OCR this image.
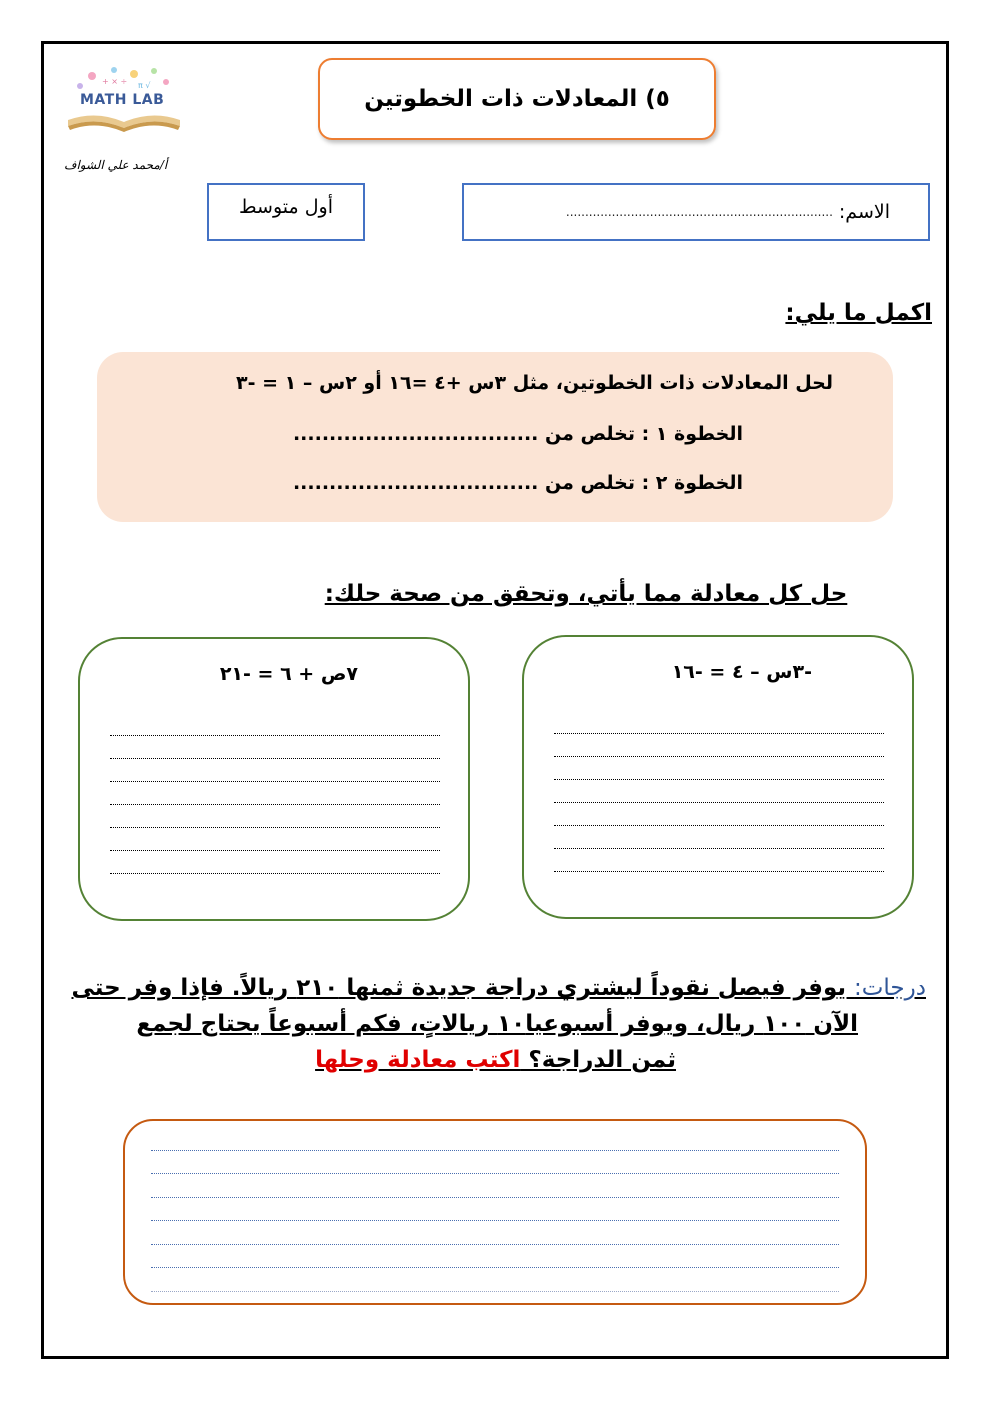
+ × ÷ π √
MATH LAB
أ/محمد علي الشواف
٥) المعادلات ذات الخطوتين
الاسم:
......................................................................
أول متوسط
اكمل ما يلي:
لحل المعادلات ذات الخطوتين، مثل ٣س +٤ =١٦ أو ٢س – ١ = -٣
الخطوة ١ : تخلص من ..................................
الخطوة ٢ : تخلص من ..................................
حل كل معادلة مما يأتي، وتحقق من صحة حلك:
-٣س – ٤ = -١٦
٧ص + ٦ = -٢١
درجات: يوفر فيصل نقوداً ليشتري دراجة جديدة ثمنها ٢١٠ ريالاً. فإذا وفر حتى
الآن ١٠٠ ريال، ويوفر أسبوعيا١٠ ريالاتٍ، فكم أسبوعاً يحتاج لجمع
ثمن الدراجة؟ اكتب معادلة وحلها
